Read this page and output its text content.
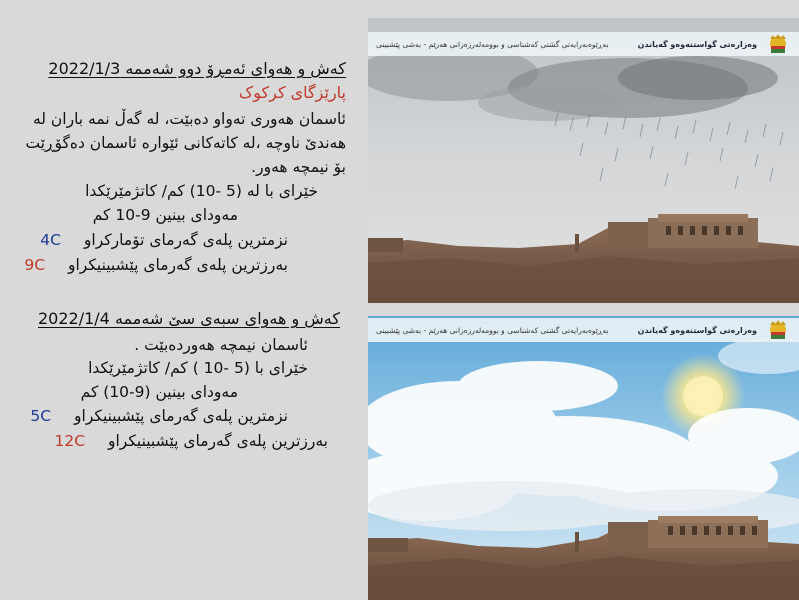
کەش و هەوای ئەمڕۆ دوو شەممە 2022/1/3
پارێزگای کرکوک
ئاسمان هەوری تەواو دەبێت، لە گەڵ نمە باران لە
هەندێ ناوچە ،لە کاتەکانی ئێوارە ئاسمان دەگۆڕێت
بۆ نیمچە هەور.
خێرای با لە (5 -10) کم/ کاتژمێرێکدا
مەودای بینین 9-10 کم
نزمترین پلەی گەرمای تۆمارکراو 4C
بەرزترین پلەی گەرمای پێشبینیکراو 9C
کەش و هەوای سبەی سێ شەممە 2022/1/4
ئاسمان نیمچە هەوردەبێت .
خێرای با (5 -10 ) کم/ کاتژمێرێکدا
مەودای بینین (9-10) کم
نزمترین پلەی گەرمای پێشبینیکراو 5C
بەرزترین پلەی گەرمای پێشبینیکراو 12C
وەزارەتی گواستنەوەو گەیاندن
بەڕێوەبەرایەتی گشتی کەشناسی و بوومەلەرزەزانی هەرێم - بەشی پێشبینی
وەزارەتی گواستنەوەو گەیاندن
بەڕێوەبەرایەتی گشتی کەشناسی و بوومەلەرزەزانی هەرێم - بەشی پێشبینی
